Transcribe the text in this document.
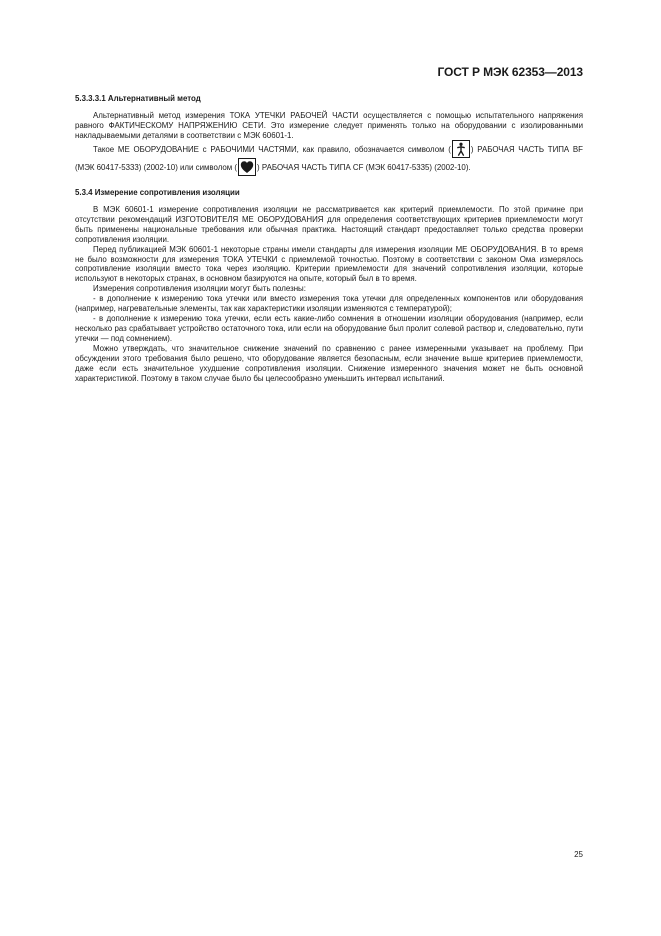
ГОСТ Р МЭК 62353—2013

5.3.3.3.1 Альтернативный метод

Альтернативный метод измерения ТОКА УТЕЧКИ РАБОЧЕЙ ЧАСТИ осуществляется с помощью испытательного напряжения равного ФАКТИЧЕСКОМУ НАПРЯЖЕНИЮ СЕТИ. Это измерение следует применять только на оборудовании с изолированными накладываемыми деталями в соответствии с МЭК 60601-1.

Такое МЕ ОБОРУДОВАНИЕ с РАБОЧИМИ ЧАСТЯМИ, как правило, обозначается символом (	) РАБОЧАЯ ЧАСТЬ ТИПА BF (МЭК 60417-5333) (2002-10) или символом (	) РАБОЧАЯ ЧАСТЬ ТИПА CF (МЭК 60417-5335) (2002-10).

5.3.4 Измерение сопротивления изоляции

В МЭК 60601-1 измерение сопротивления изоляции не рассматривается как критерий приемлемости. По этой причине при отсутствии рекомендаций ИЗГОТОВИТЕЛЯ МЕ ОБОРУДОВАНИЯ для определения соответствующих критериев приемлемости могут быть применены национальные требования или обычная практика. Настоящий стандарт предоставляет только средства проверки сопротивления изоляции.

Перед публикацией МЭК 60601-1 некоторые страны имели стандарты для измерения изоляции МЕ ОБОРУДОВАНИЯ. В то время не было возможности для измерения ТОКА УТЕЧКИ с приемлемой точностью. Поэтому в соответствии с законом Ома измерялось сопротивление изоляции вместо тока через изоляцию. Критерии приемлемости для значений сопротивления изоляции, которые используют в некоторых странах, в основном базируются на опыте, который был в то время.

Измерения сопротивления изоляции могут быть полезны:

- в дополнение к измерению тока утечки или вместо измерения тока утечки для определенных компонентов или оборудования (например, нагревательные элементы, так как характеристики изоляции изменяются с температурой);

- в дополнение к измерению тока утечки, если есть какие-либо сомнения в отношении изоляции оборудования (например, если несколько раз срабатывает устройство остаточного тока, или если на оборудование был пролит солевой раствор и, следовательно, пути утечки — под сомнением).

Можно утверждать, что значительное снижение значений по сравнению с ранее измеренными указывает на проблему. При обсуждении этого требования было решено, что оборудование является безопасным, если значение выше критериев приемлемости, даже если есть значительное ухудшение сопротивления изоляции. Снижение измеренного значения может не быть основной характеристикой. Поэтому в таком случае было бы целесообразно уменьшить интервал испытаний.

25
